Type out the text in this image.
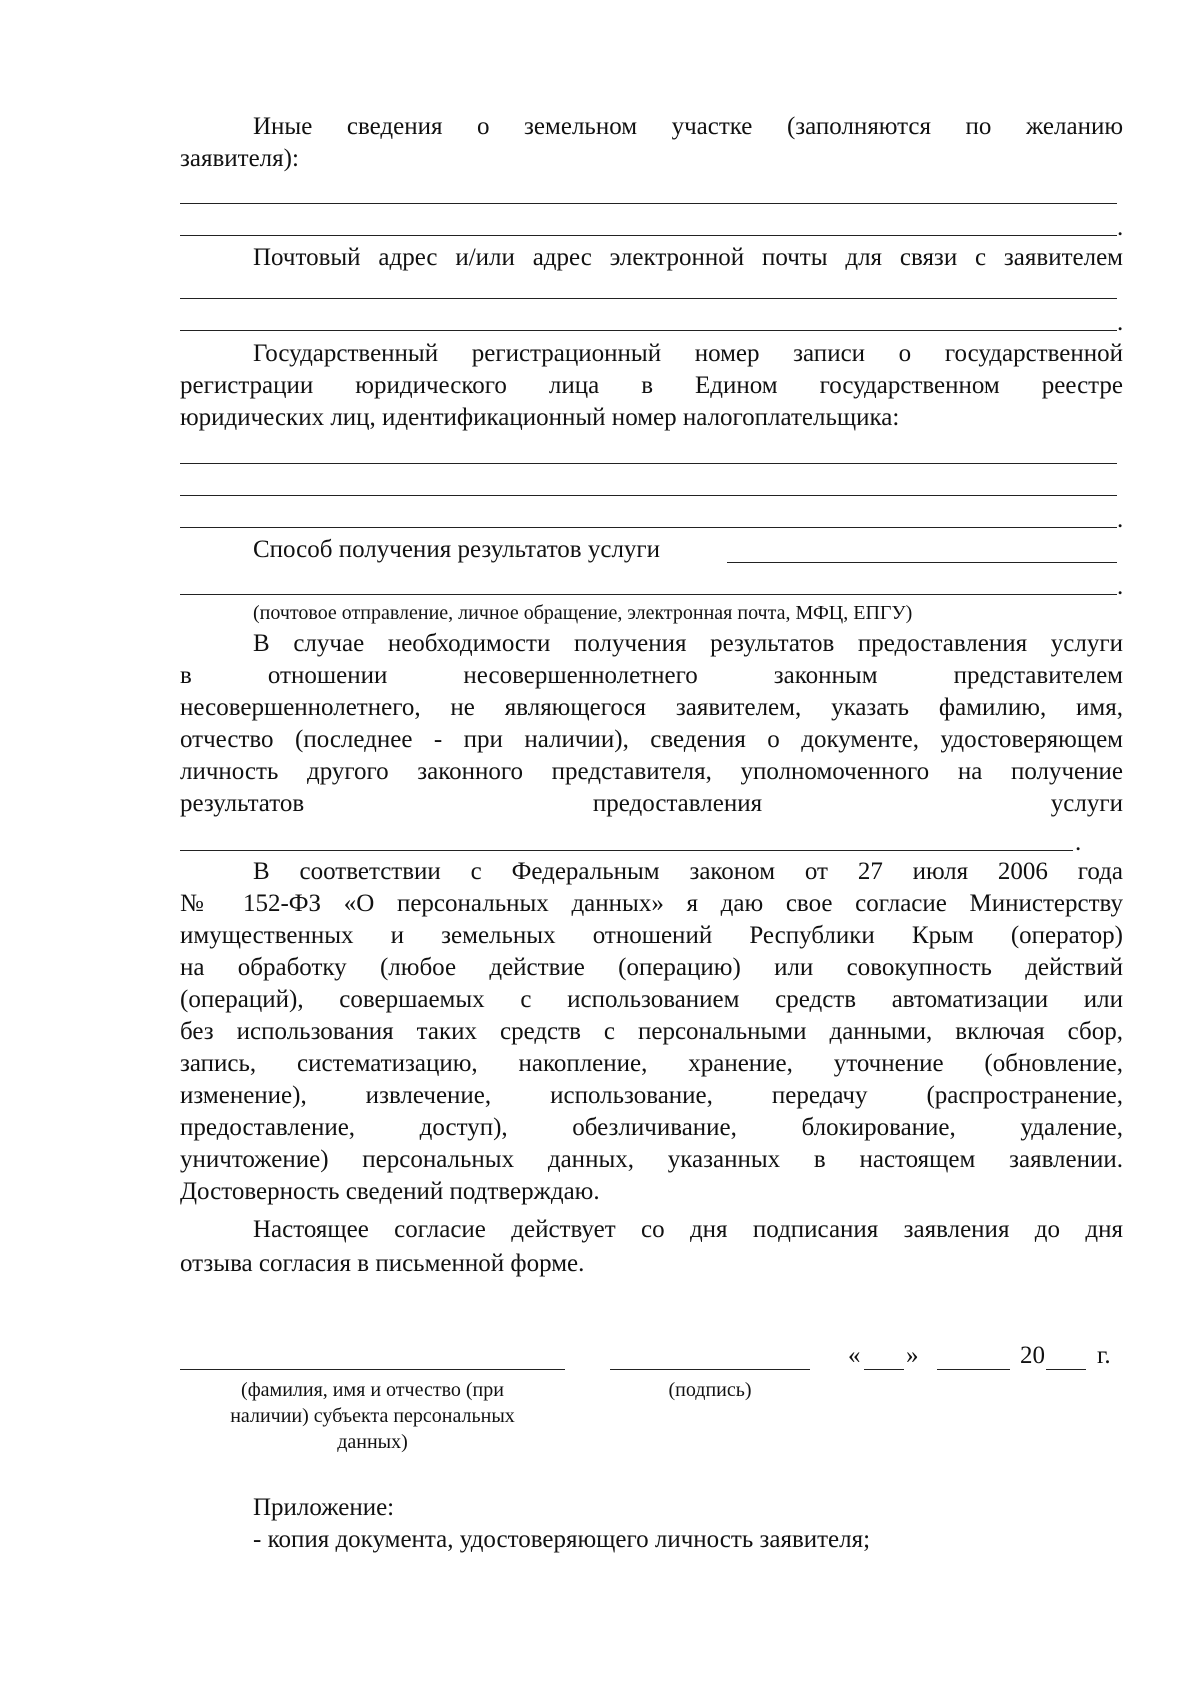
Иные сведения о земельном участке (заполняются по желанию
заявителя):
.
Почтовый адрес и/или адрес электронной почты для связи с заявителем
.
Государственный регистрационный номер записи о государственной
регистрации юридического лица в Едином государственном реестре
юридических лиц, идентификационный номер налогоплательщика:
.
Способ получения результатов услуги
.
(почтовое отправление, личное обращение, электронная почта, МФЦ, ЕПГУ)
В случае необходимости получения результатов предоставления услуги
в отношении несовершеннолетнего законным представителем
несовершеннолетнего, не являющегося заявителем, указать фамилию, имя,
отчество (последнее - при наличии), сведения о документе, удостоверяющем
личность другого законного представителя, уполномоченного на получение
результатов предоставления услуги
.
В соответствии с Федеральным законом от 27 июля 2006 года
№ 152-ФЗ «О персональных данных» я даю свое согласие Министерству
имущественных и земельных отношений Республики Крым (оператор)
на обработку (любое действие (операцию) или совокупность действий
(операций), совершаемых с использованием средств автоматизации или
без использования таких средств с персональными данными, включая сбор,
запись, систематизацию, накопление, хранение, уточнение (обновление,
изменение), извлечение, использование, передачу (распространение,
предоставление, доступ), обезличивание, блокирование, удаление,
уничтожение) персональных данных, указанных в настоящем заявлении.
Достоверность сведений подтверждаю.
Настоящее согласие действует со дня подписания заявления до дня
отзыва согласия в письменной форме.
« »	20 г.
(фамилия, имя и отчество (при
наличии) субъекта персональных
данных)
(подпись)
Приложение:
- копия документа, удостоверяющего личность заявителя;
